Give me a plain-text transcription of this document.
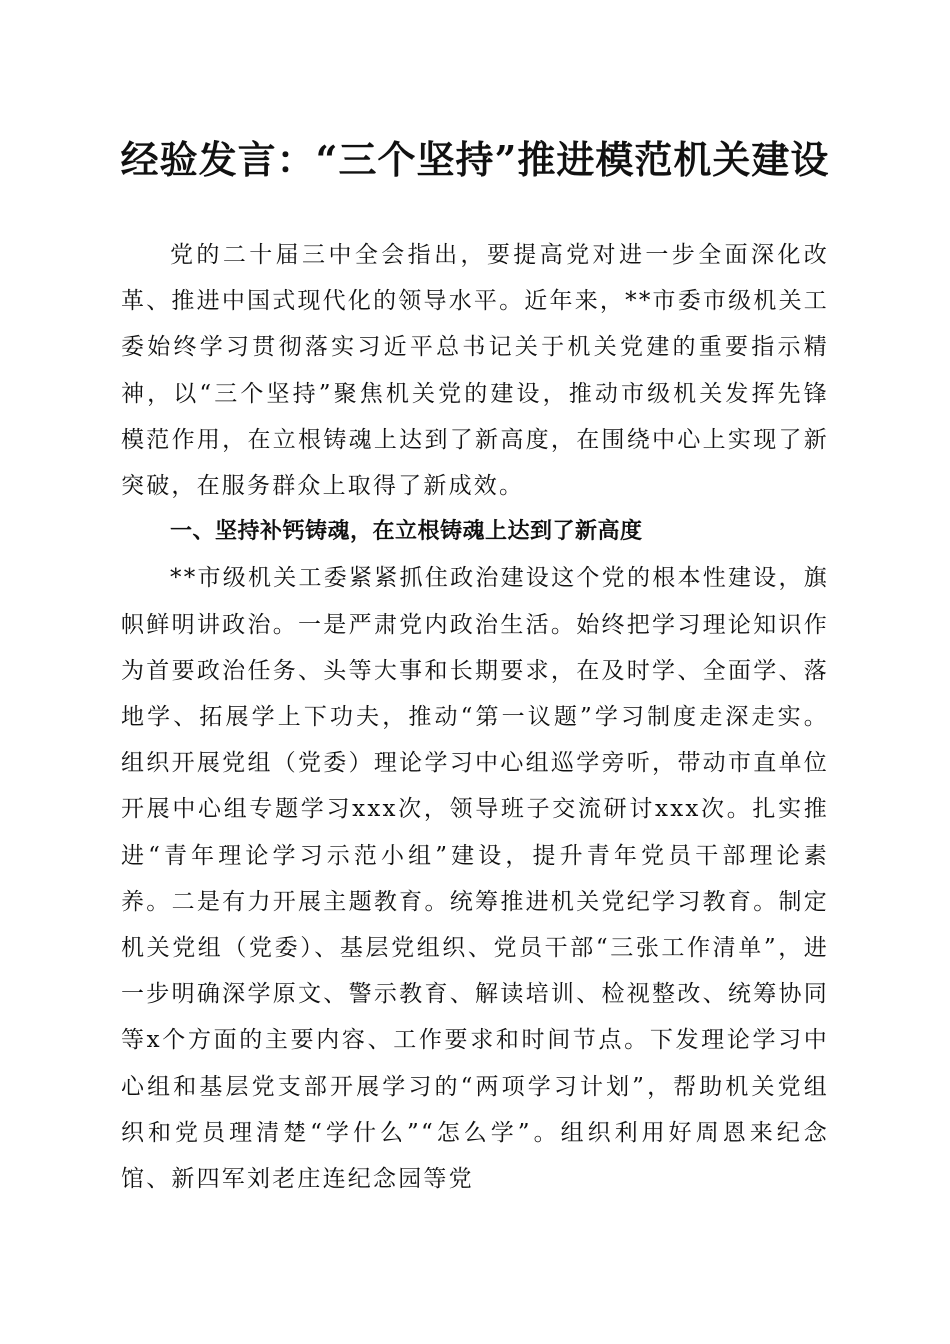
经验发言：“三个坚持”推进模范机关建设

党的二十届三中全会指出，要提高党对进一步全面深化改革、推进中国式现代化的领导水平。近年来，**市委市级机关工委始终学习贯彻落实习近平总书记关于机关党建的重要指示精神，以“三个坚持”聚焦机关党的建设，推动市级机关发挥先锋模范作用，在立根铸魂上达到了新高度，在围绕中心上实现了新突破，在服务群众上取得了新成效。

一、坚持补钙铸魂，在立根铸魂上达到了新高度

**市级机关工委紧紧抓住政治建设这个党的根本性建设，旗帜鲜明讲政治。一是严肃党内政治生活。始终把学习理论知识作为首要政治任务、头等大事和长期要求，在及时学、全面学、落地学、拓展学上下功夫，推动“第一议题”学习制度走深走实。组织开展党组（党委）理论学习中心组巡学旁听，带动市直单位开展中心组专题学习xxx次，领导班子交流研讨xxx次。扎实推进“青年理论学习示范小组”建设，提升青年党员干部理论素养。二是有力开展主题教育。统筹推进机关党纪学习教育。制定机关党组（党委）、基层党组织、党员干部“三张工作清单”，进一步明确深学原文、警示教育、解读培训、检视整改、统筹协同等x个方面的主要内容、工作要求和时间节点。下发理论学习中心组和基层党支部开展学习的“两项学习计划”，帮助机关党组织和党员理清楚“学什么”“怎么学”。组织利用好周恩来纪念馆、新四军刘老庄连纪念园等党
